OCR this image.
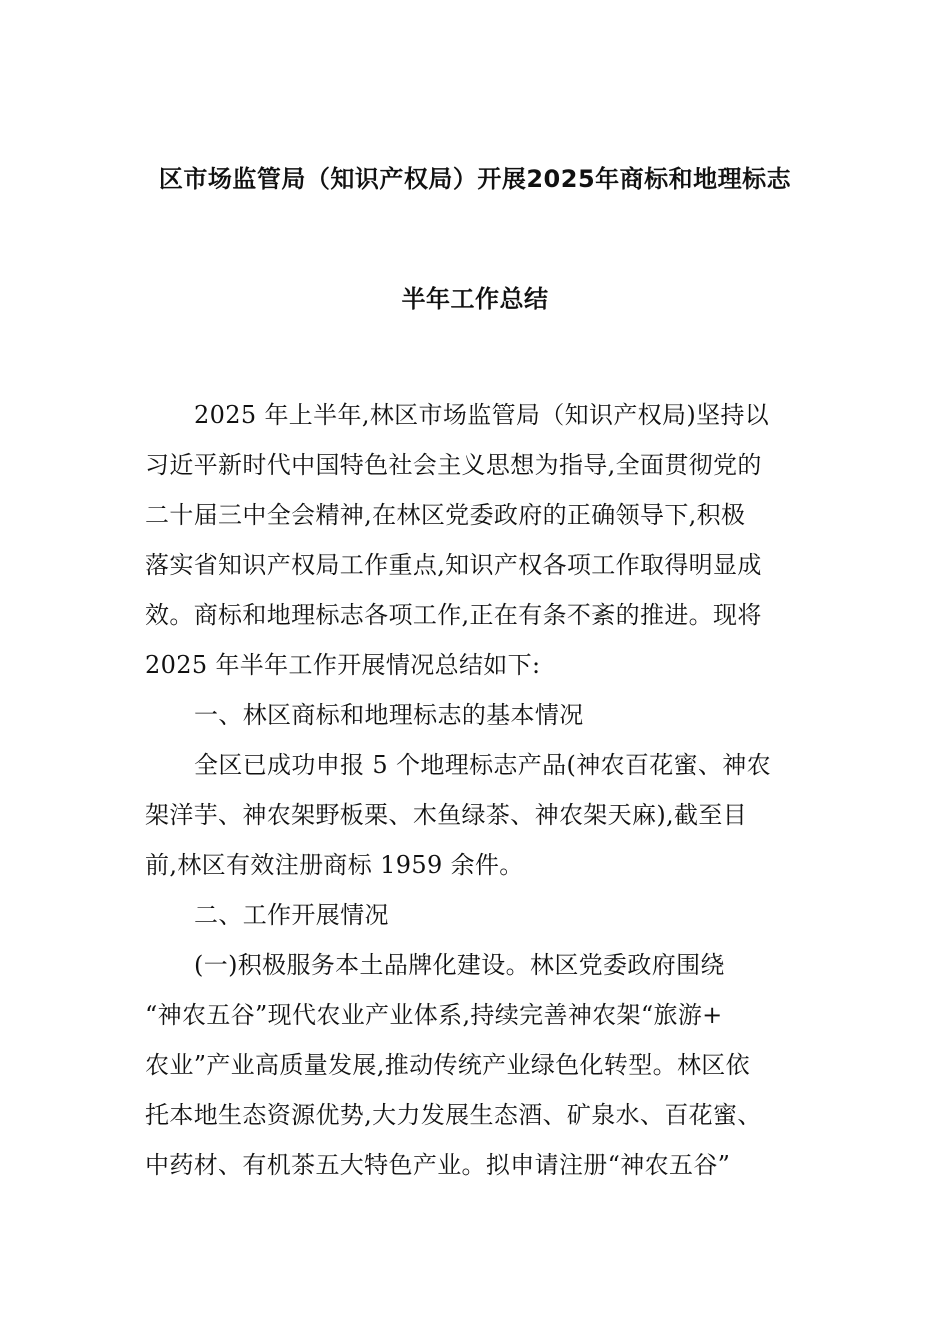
区市场监管局（知识产权局）开展2025年商标和地理标志
半年工作总结
2025 年上半年,林区市场监管局（知识产权局)坚持以
习近平新时代中国特色社会主义思想为指导,全面贯彻党的
二十届三中全会精神,在林区党委政府的正确领导下,积极
落实省知识产权局工作重点,知识产权各项工作取得明显成
效。商标和地理标志各项工作,正在有条不紊的推进。现将
2025 年半年工作开展情况总结如下:
一、林区商标和地理标志的基本情况
全区已成功申报 5 个地理标志产品(神农百花蜜、神农
架洋芋、神农架野板栗、木鱼绿茶、神农架天麻),截至目
前,林区有效注册商标 1959 余件。
二、工作开展情况
(一)积极服务本土品牌化建设。林区党委政府围绕
“神农五谷”现代农业产业体系,持续完善神农架“旅游+
农业”产业高质量发展,推动传统产业绿色化转型。林区依
托本地生态资源优势,大力发展生态酒、矿泉水、百花蜜、
中药材、有机茶五大特色产业。拟申请注册“神农五谷”
